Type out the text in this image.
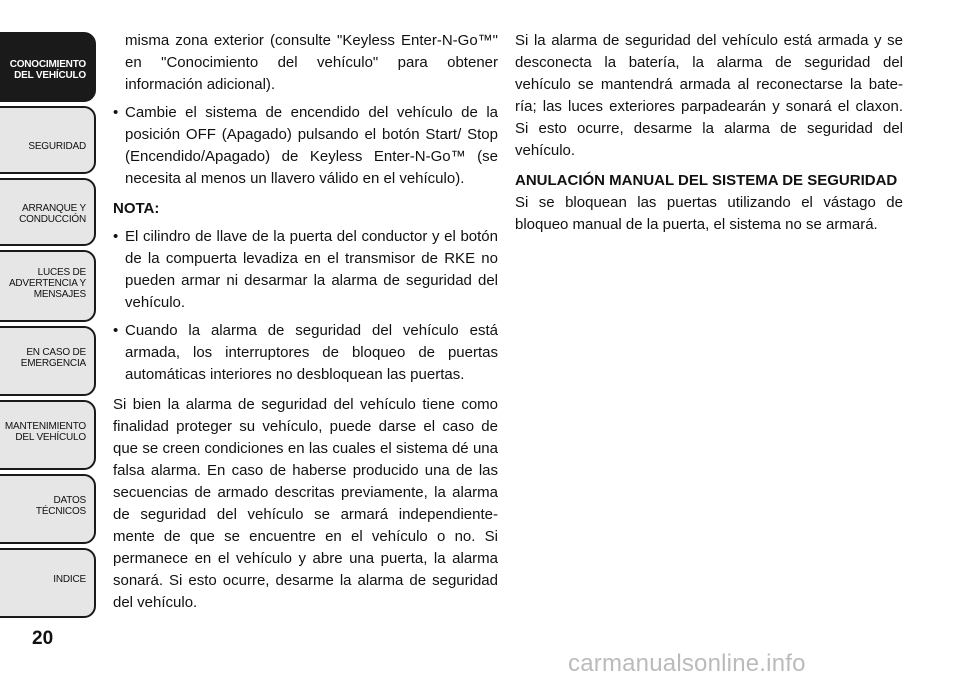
CONOCIMIENTO
DEL VEHÍCULO
SEGURIDAD
ARRANQUE Y
CONDUCCIÓN
LUCES DE
ADVERTENCIA Y
MENSAJES
EN CASO DE
EMERGENCIA
MANTENIMIENTO
DEL VEHÍCULO
DATOS
TÉCNICOS
INDICE
20
misma zona exterior (consulte "Keyless Enter-N-Go™" en "Conocimiento del vehículo" para obtener información adicional).
• Cambie el sistema de encendido del vehículo de la posición OFF (Apagado) pulsando el botón Start/ Stop (Encendido/Apagado) de Keyless Enter-N-Go™ (se necesita al menos un llavero válido en el vehículo).
NOTA:
• El cilindro de llave de la puerta del conductor y el botón de la compuerta levadiza en el transmisor de RKE no pueden armar ni desarmar la alarma de seguridad del vehículo.
• Cuando la alarma de seguridad del vehículo está armada, los interruptores de bloqueo de puertas automáticas interiores no desbloquean las puertas.

Si bien la alarma de seguridad del vehículo tiene como finalidad proteger su vehículo, puede darse el caso de que se creen condiciones en las cuales el sistema dé una falsa alarma. En caso de haberse producido una de las secuencias de armado descritas previamente, la alarma de seguridad del vehículo se armará independiente- mente de que se encuentre en el vehículo o no. Si permanece en el vehículo y abre una puerta, la alarma sonará. Si esto ocurre, desarme la alarma de seguridad del vehículo.

Si la alarma de seguridad del vehículo está armada y se desconecta la batería, la alarma de seguridad del vehículo se mantendrá armada al reconectarse la bate- ría; las luces exteriores parpadearán y sonará el claxon. Si esto ocurre, desarme la alarma de seguridad del vehículo.
ANULACIÓN MANUAL DEL SISTEMA DE SEGURIDAD
Si se bloquean las puertas utilizando el vástago de bloqueo manual de la puerta, el sistema no se armará.
carmanualsonline.info
